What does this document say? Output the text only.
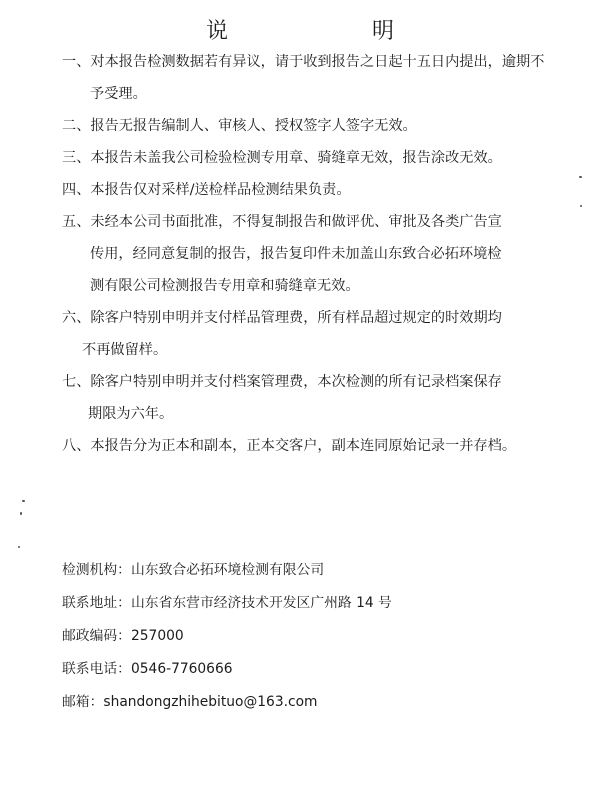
说	明
一、对本报告检测数据若有异议，请于收到报告之日起十五日内提出，逾期不
予受理。
二、报告无报告编制人、审核人、授权签字人签字无效。
三、本报告未盖我公司检验检测专用章、骑缝章无效，报告涂改无效。
四、本报告仅对采样/送检样品检测结果负责。
五、未经本公司书面批准，不得复制报告和做评优、审批及各类广告宣
传用，经同意复制的报告，报告复印件未加盖山东致合必拓环境检
测有限公司检测报告专用章和骑缝章无效。
六、除客户特别申明并支付样品管理费，所有样品超过规定的时效期均
不再做留样。
七、除客户特别申明并支付档案管理费，本次检测的所有记录档案保存
期限为六年。
八、本报告分为正本和副本，正本交客户，副本连同原始记录一并存档。
检测机构：山东致合必拓环境检测有限公司
联系地址：山东省东营市经济技术开发区广州路 14 号
邮政编码：257000
联系电话：0546-7760666
邮箱：shandongzhihebituo@163.com
